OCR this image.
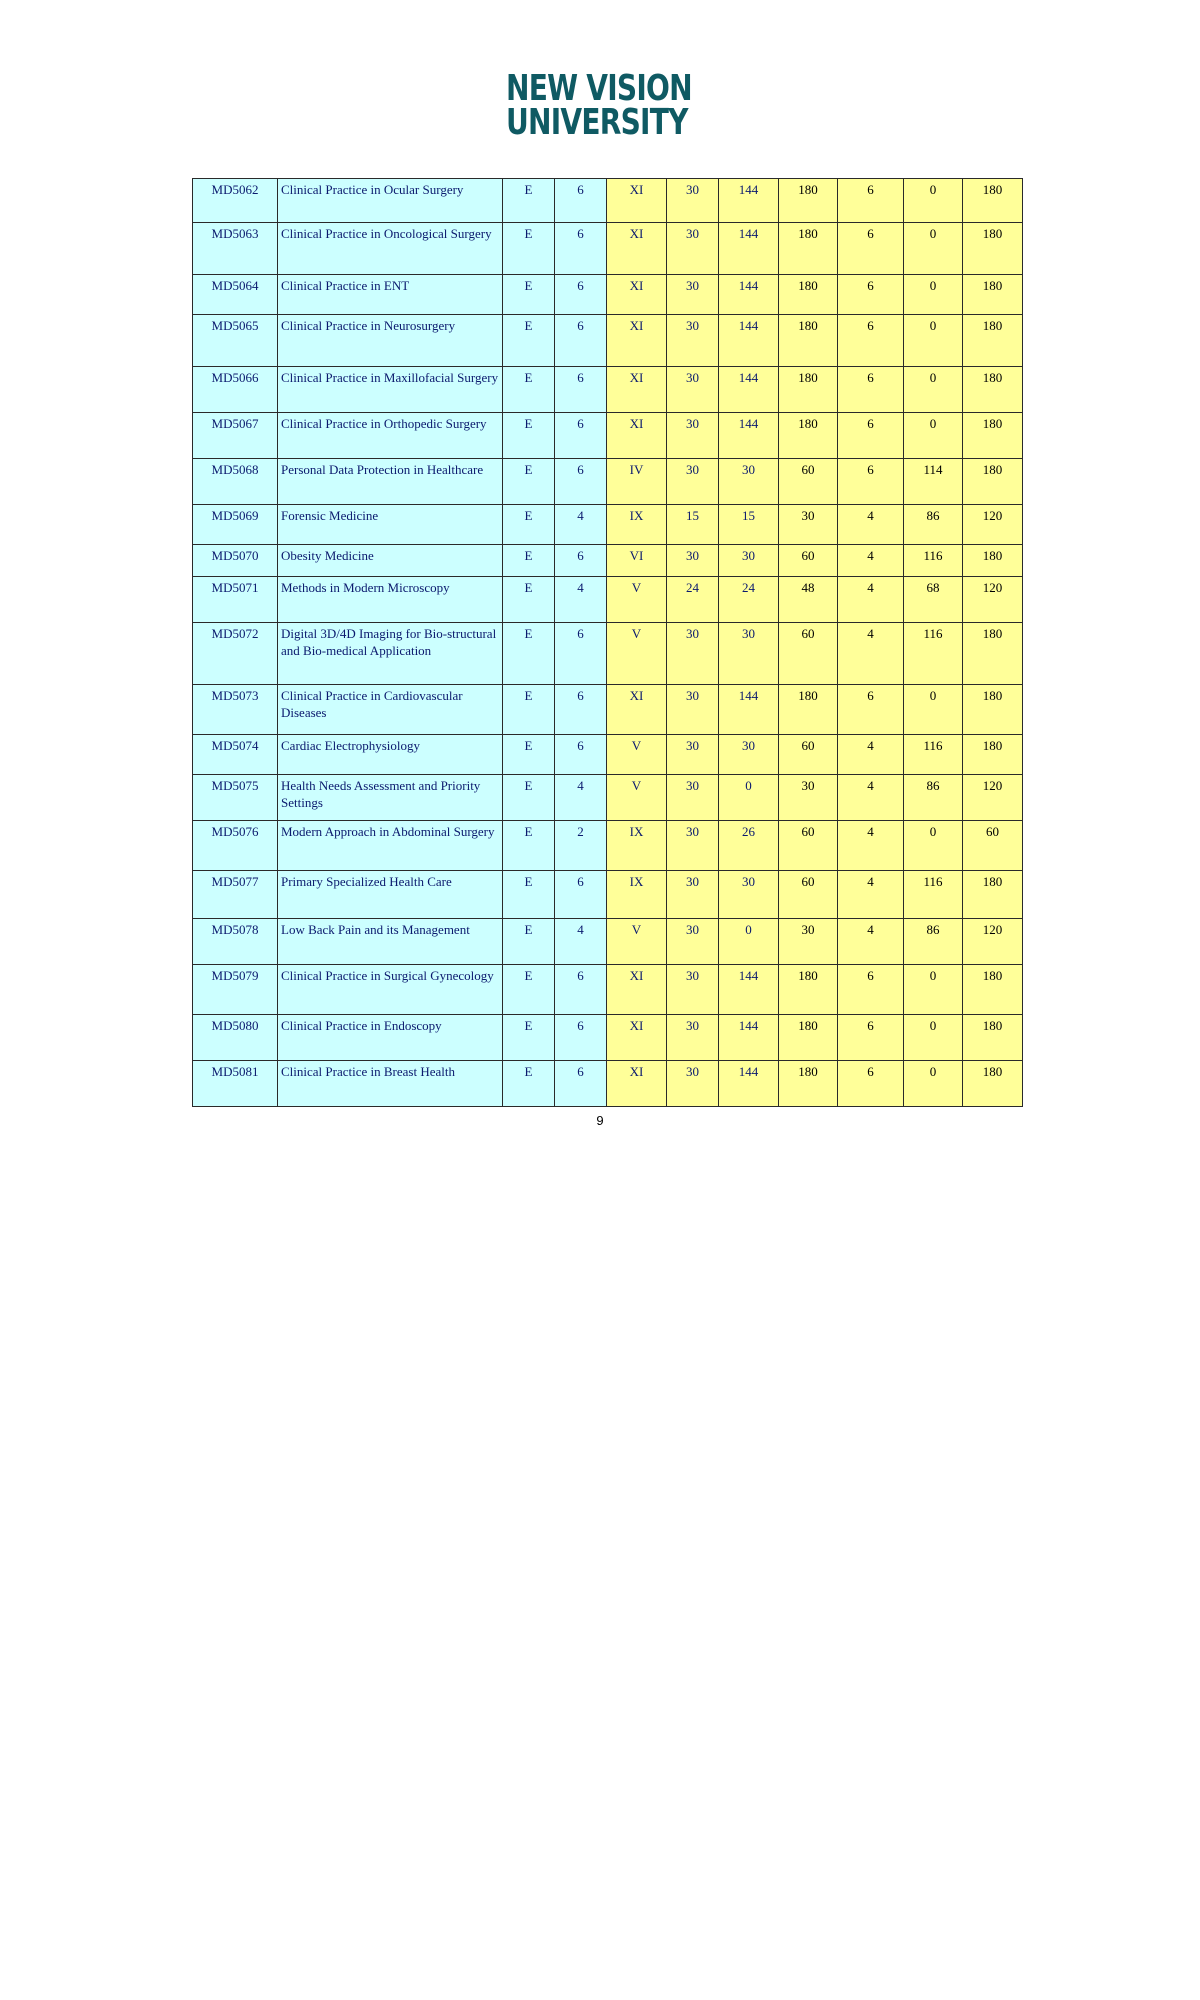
NEW VISION
UNIVERSITY
MD5062	Clinical Practice in Ocular Surgery	E	6	XI	30	144	180	6	0	180
MD5063	Clinical Practice in Oncological Surgery	E	6	XI	30	144	180	6	0	180
MD5064	Clinical Practice in ENT	E	6	XI	30	144	180	6	0	180
MD5065	Clinical Practice in Neurosurgery	E	6	XI	30	144	180	6	0	180
MD5066	Clinical Practice in Maxillofacial Surgery	E	6	XI	30	144	180	6	0	180
MD5067	Clinical Practice in Orthopedic Surgery	E	6	XI	30	144	180	6	0	180
MD5068	Personal Data Protection in Healthcare	E	6	IV	30	30	60	6	114	180
MD5069	Forensic Medicine	E	4	IX	15	15	30	4	86	120
MD5070	Obesity Medicine	E	6	VI	30	30	60	4	116	180
MD5071	Methods in Modern Microscopy	E	4	V	24	24	48	4	68	120
MD5072	Digital 3D/4D Imaging for Bio-structural and Bio-medical Application	E	6	V	30	30	60	4	116	180
MD5073	Clinical Practice in Cardiovascular Diseases	E	6	XI	30	144	180	6	0	180
MD5074	Cardiac Electrophysiology	E	6	V	30	30	60	4	116	180
MD5075	Health Needs Assessment and Priority Settings	E	4	V	30	0	30	4	86	120
MD5076	Modern Approach in Abdominal Surgery	E	2	IX	30	26	60	4	0	60
MD5077	Primary Specialized Health Care	E	6	IX	30	30	60	4	116	180
MD5078	Low Back Pain and its Management	E	4	V	30	0	30	4	86	120
MD5079	Clinical Practice in Surgical Gynecology	E	6	XI	30	144	180	6	0	180
MD5080	Clinical Practice in Endoscopy	E	6	XI	30	144	180	6	0	180
MD5081	Clinical Practice in Breast Health	E	6	XI	30	144	180	6	0	180
9
